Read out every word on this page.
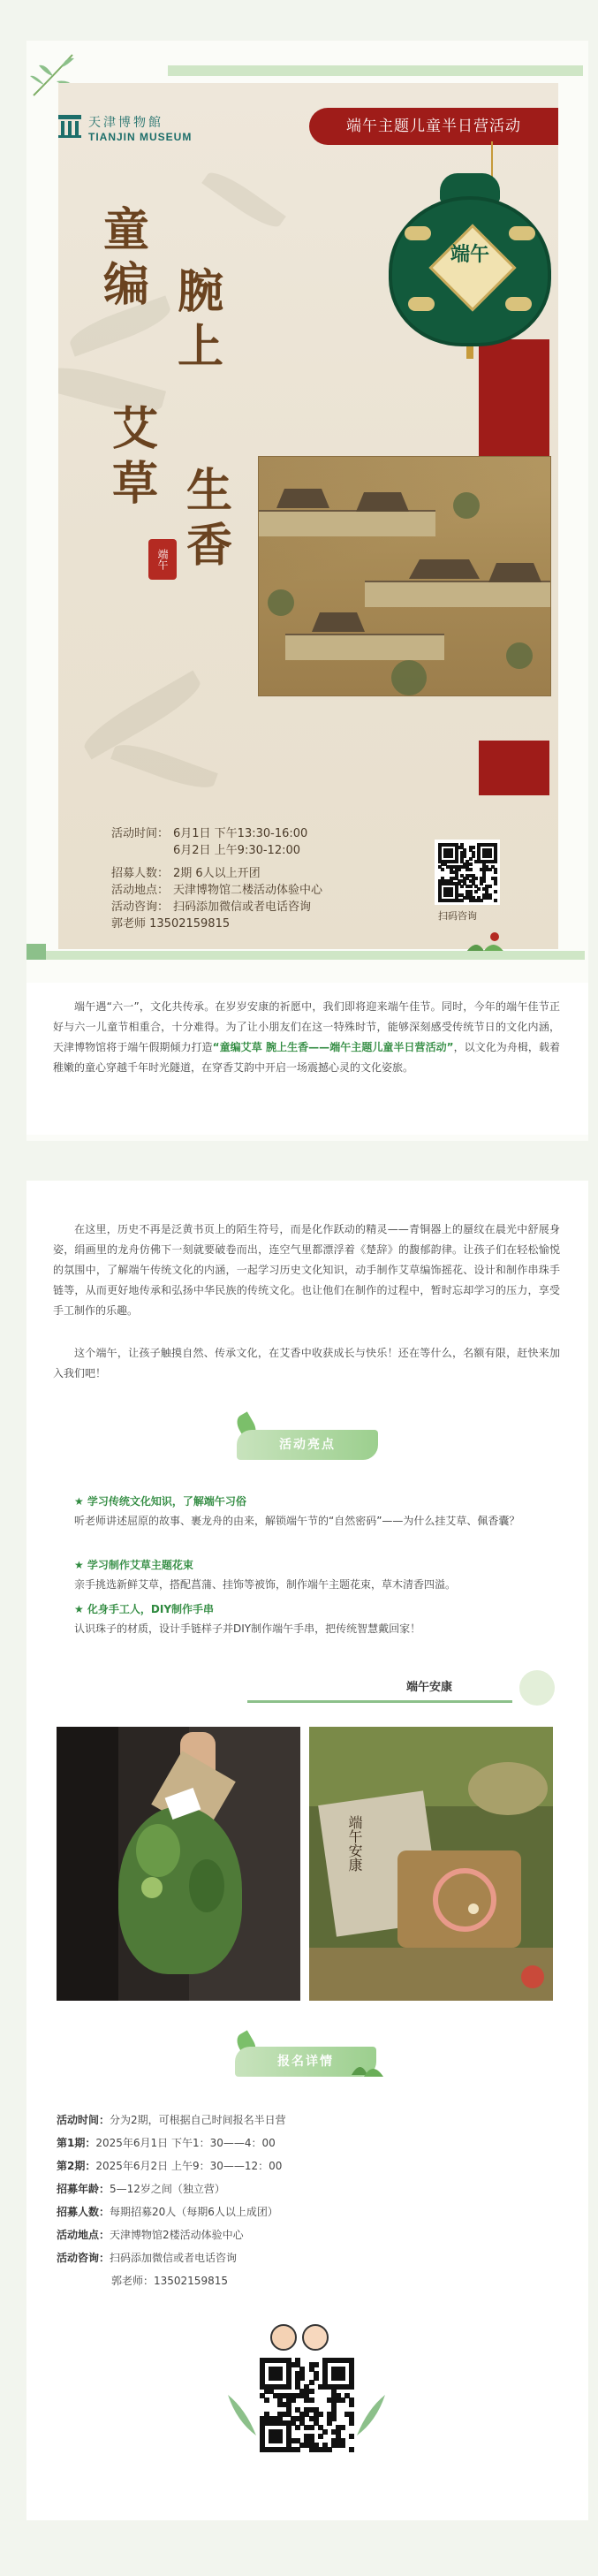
天津博物館
TIANJIN MUSEUM
端午主题儿童半日营活动
童
编 腕
上
艾
草 生
香
端午
端午
活动时间： 6月1日 下午13:30-16:00
6月2日 上午9:30-12:00
招募人数： 2期 6人以上开团
活动地点： 天津博物馆二楼活动体验中心
活动咨询： 扫码添加微信或者电话咨询
郭老师 13502159815
扫码咨询
端午遇“六一”，文化共传承。在岁岁安康的祈愿中，我们即将迎来端午佳节。同时，今年的端午佳节正好与六一儿童节相重合，十分难得。为了让小朋友们在这一特殊时节，能够深刻感受传统节日的文化内涵，天津博物馆将于端午假期倾力打造“童编艾草 腕上生香——端午主题儿童半日营活动”，以文化为舟楫，载着稚嫩的童心穿越千年时光隧道，在穿香艾韵中开启一场震撼心灵的文化姿旅。
在这里，历史不再是泛黄书页上的陌生符号，而是化作跃动的精灵——青铜器上的蜃纹在晨光中舒展身姿，绢画里的龙舟仿佛下一刻就要破卷而出，连空气里都漂浮着《楚辞》的馥郁韵律。让孩子们在轻松愉悦的氛围中，了解端午传统文化的内涵，一起学习历史文化知识，动手制作艾草编饰摇花、设计和制作串珠手链等，从而更好地传承和弘扬中华民族的传统文化。也让他们在制作的过程中，暂时忘却学习的压力，享受手工制作的乐趣。
这个端午，让孩子触摸自然、传承文化，在艾香中收获成长与快乐！还在等什么，名额有限，赶快来加入我们吧！
活动亮点
★ 学习传统文化知识，了解端午习俗
听老师讲述屈原的故事、裹龙舟的由来，解锁端午节的“自然密码”——为什么挂艾草、佩香囊？
★ 学习制作艾草主题花束
亲手挑选新鲜艾草，搭配菖蒲、挂饰等被饰，制作端午主题花束，草木清香四溢。
★ 化身手工人，DIY制作手串
认识珠子的材质，设计手链样子并DIY制作端午手串，把传统智慧戴回家！
端午安康
端午安康
报名详情
活动时间：分为2期，可根据自己时间报名半日营
第1期：2025年6月1日 下午1：30——4：00
第2期：2025年6月2日 上午9：30——12：00
招募年龄：5—12岁之间（独立营）
招募人数：每期招募20人（每期6人以上成团）
活动地点：天津博物馆2楼活动体验中心
活动咨询：扫码添加微信或者电话咨询
郭老师：13502159815
